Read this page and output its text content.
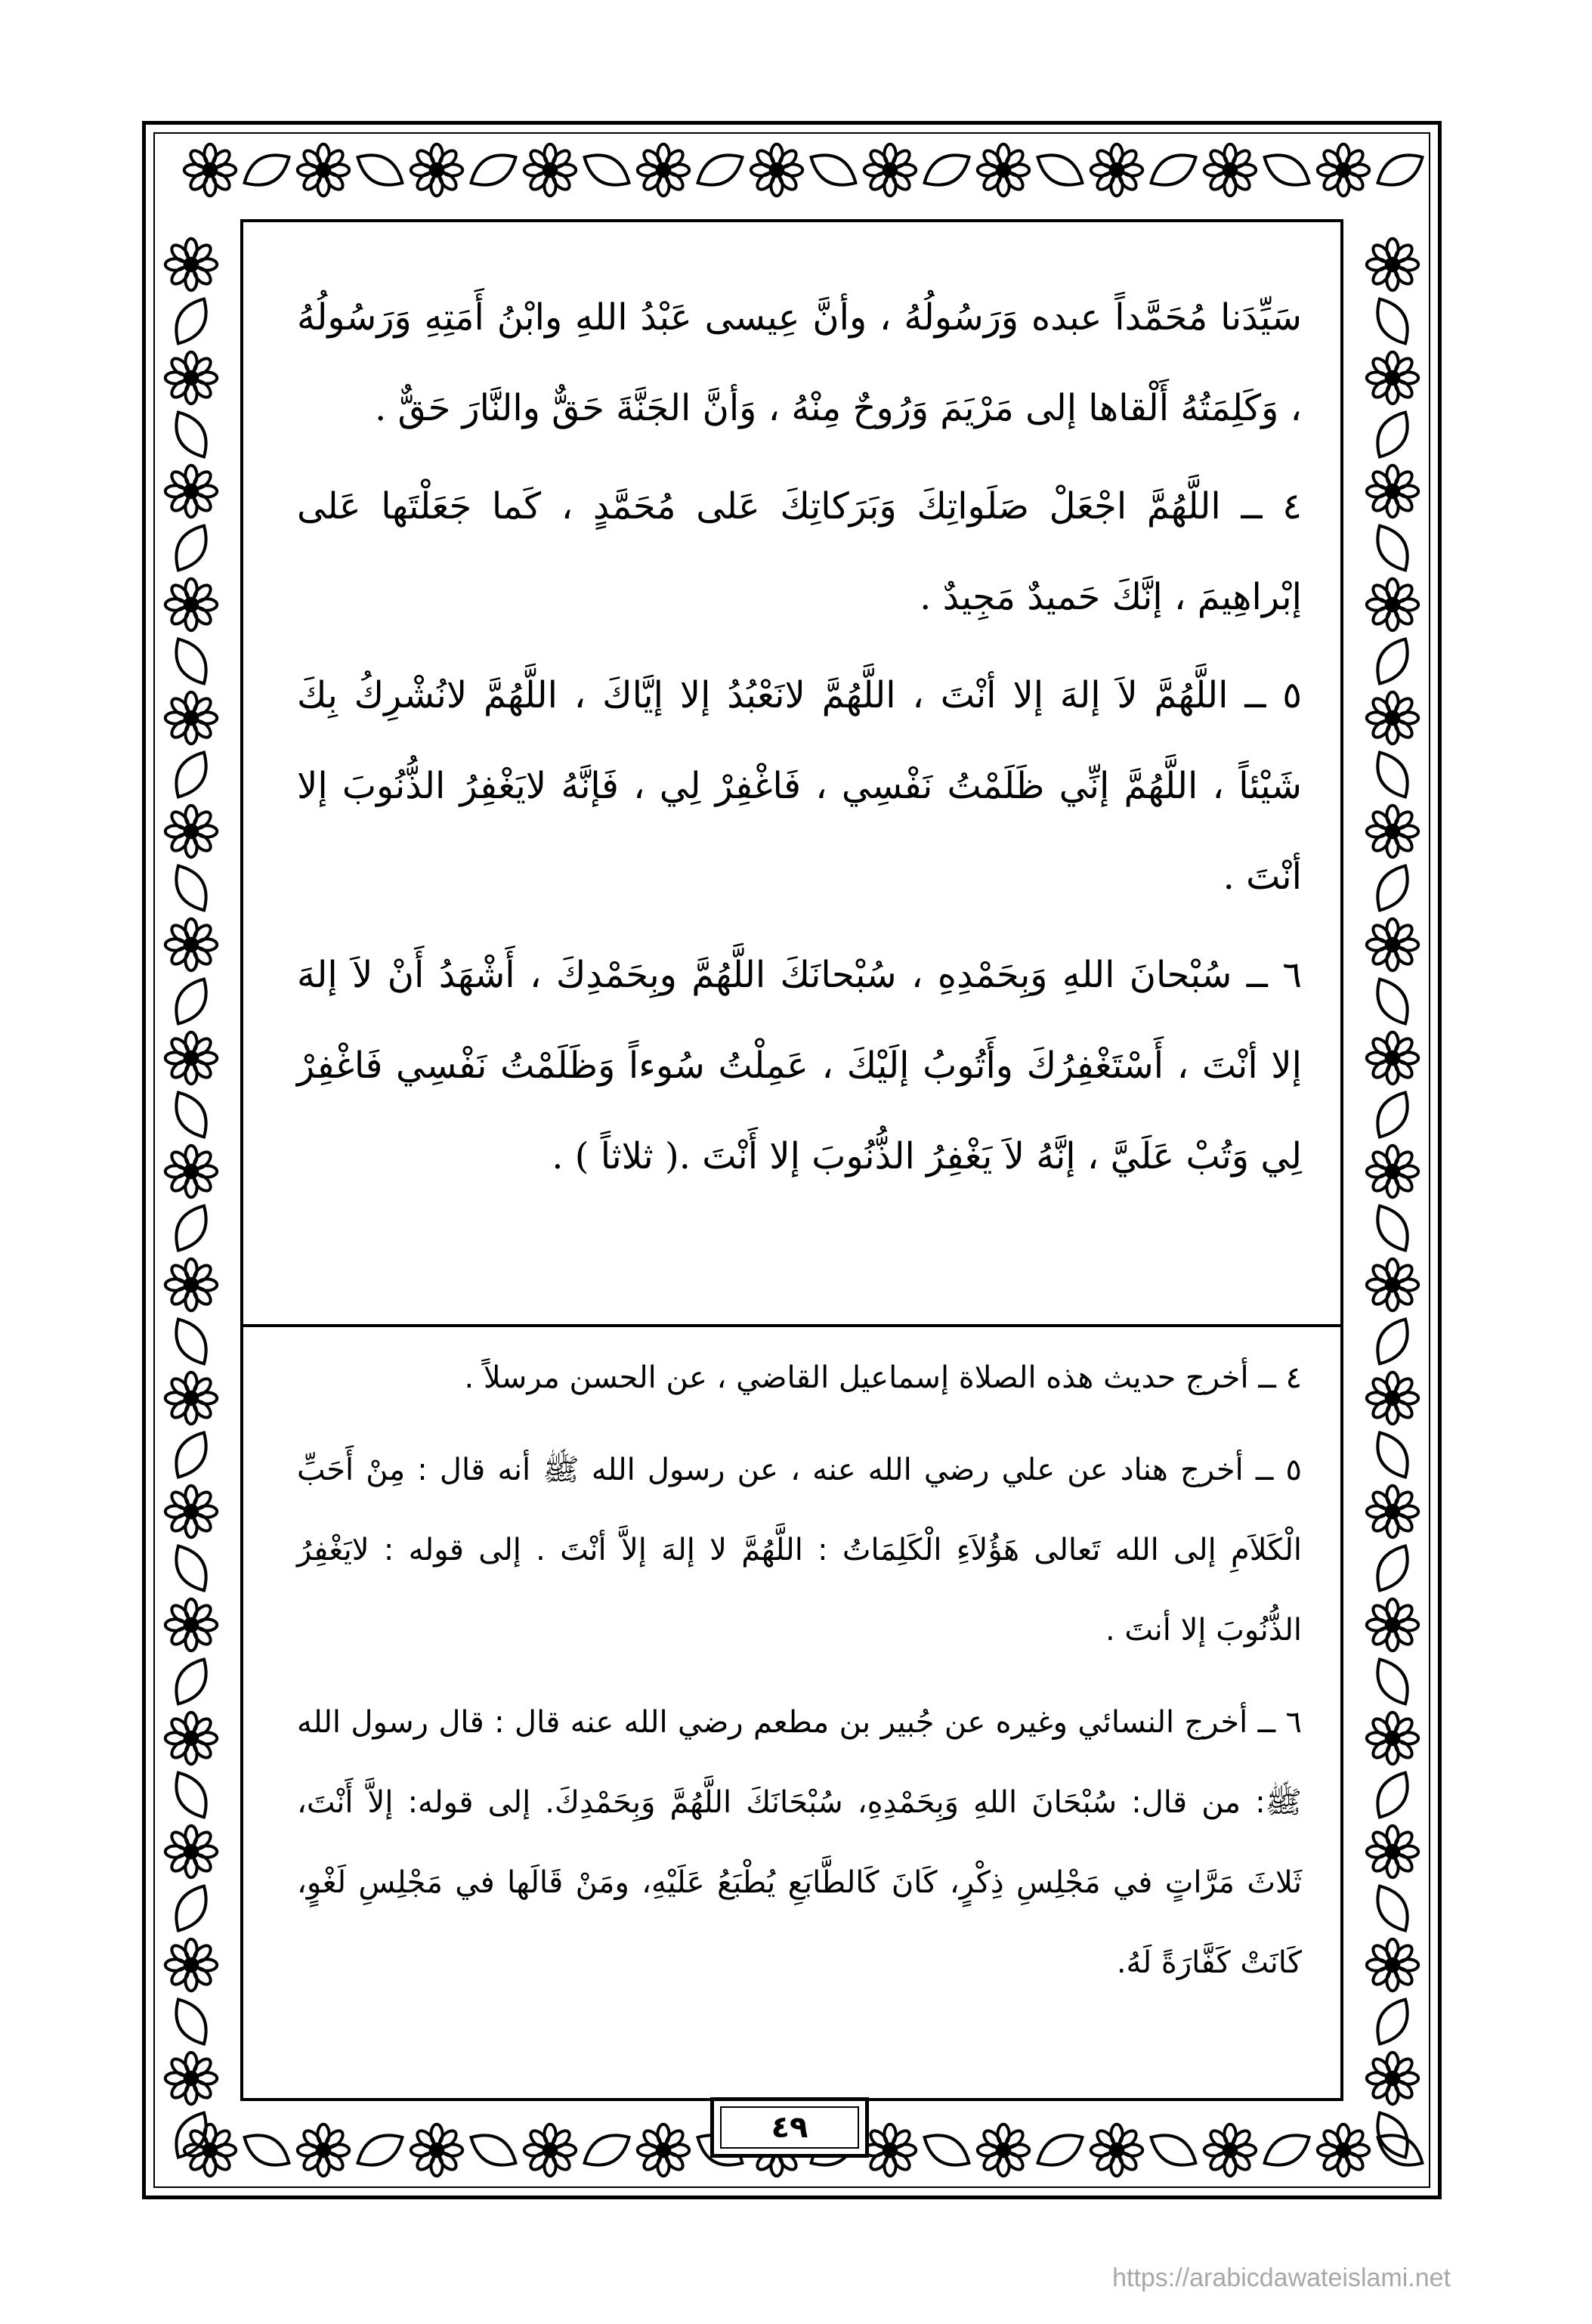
سَيِّدَنا مُحَمَّداً عبده وَرَسُولُهُ ، وأنَّ عِيسى عَبْدُ اللهِ وابْنُ أَمَتِهِ وَرَسُولُهُ ، وَكَلِمَتُهُ أَلْقاها إلى مَرْيَمَ وَرُوحٌ مِنْهُ ، وَأنَّ الجَنَّةَ حَقٌّ والنَّارَ حَقٌّ .

٤ ــ اللَّهُمَّ اجْعَلْ صَلَواتِكَ وَبَرَكاتِكَ عَلى مُحَمَّدٍ ، كَما جَعَلْتَها عَلى إبْراهِيمَ ، إنَّكَ حَميدٌ مَجِيدٌ .

٥ ــ اللَّهُمَّ لاَ إلهَ إلا أنْتَ ، اللَّهُمَّ لانَعْبُدُ إلا إيَّاكَ ، اللَّهُمَّ لانُشْرِكُ بِكَ شَيْئاً ، اللَّهُمَّ إنِّي ظَلَمْتُ نَفْسِي ، فَاغْفِرْ لِي ، فَإنَّهُ لايَغْفِرُ الذُّنُوبَ إلا أنْتَ .

٦ ــ سُبْحانَ اللهِ وَبِحَمْدِهِ ، سُبْحانَكَ اللَّهُمَّ وبِحَمْدِكَ ، أَشْهَدُ أَنْ لاَ إلهَ إلا أنْتَ ، أَسْتَغْفِرُكَ وأَتُوبُ إلَيْكَ ، عَمِلْتُ سُوءاً وَظَلَمْتُ نَفْسِي فَاغْفِرْ لِي وَتُبْ عَلَيَّ ، إنَّهُ لاَ يَغْفِرُ الذُّنُوبَ إلا أَنْتَ .( ثلاثاً ) .

٤ ــ أخرج حديث هذه الصلاة إسماعيل القاضي ، عن الحسن مرسلاً .

٥ ــ أخرج هناد عن علي رضي الله عنه ، عن رسول الله ﷺ أنه قال : مِنْ أَحَبِّ الْكَلاَمِ إلى الله تَعالى هَؤُلاَءِ الْكَلِمَاتُ : اللَّهُمَّ لا إلهَ إلاَّ أنْتَ . إلى قوله : لايَغْفِرُ الذُّنُوبَ إلا أنتَ .

٦ ــ أخرج النسائي وغيره عن جُبير بن مطعم رضي الله عنه قال : قال رسول الله ﷺ: من قال: سُبْحَانَ اللهِ وَبِحَمْدِهِ، سُبْحَانَكَ اللَّهُمَّ وَبِحَمْدِكَ. إلى قوله: إلاَّ أَنْتَ، ثَلاثَ مَرَّاتٍ في مَجْلِسِ ذِكْرٍ، كَانَ كَالطَّابَعِ يُطْبَعُ عَلَيْهِ، ومَنْ قَالَها في مَجْلِسِ لَغْوٍ، كَانَتْ كَفَّارَةً لَهُ.

٤٩
https://arabicdawateislami.net
